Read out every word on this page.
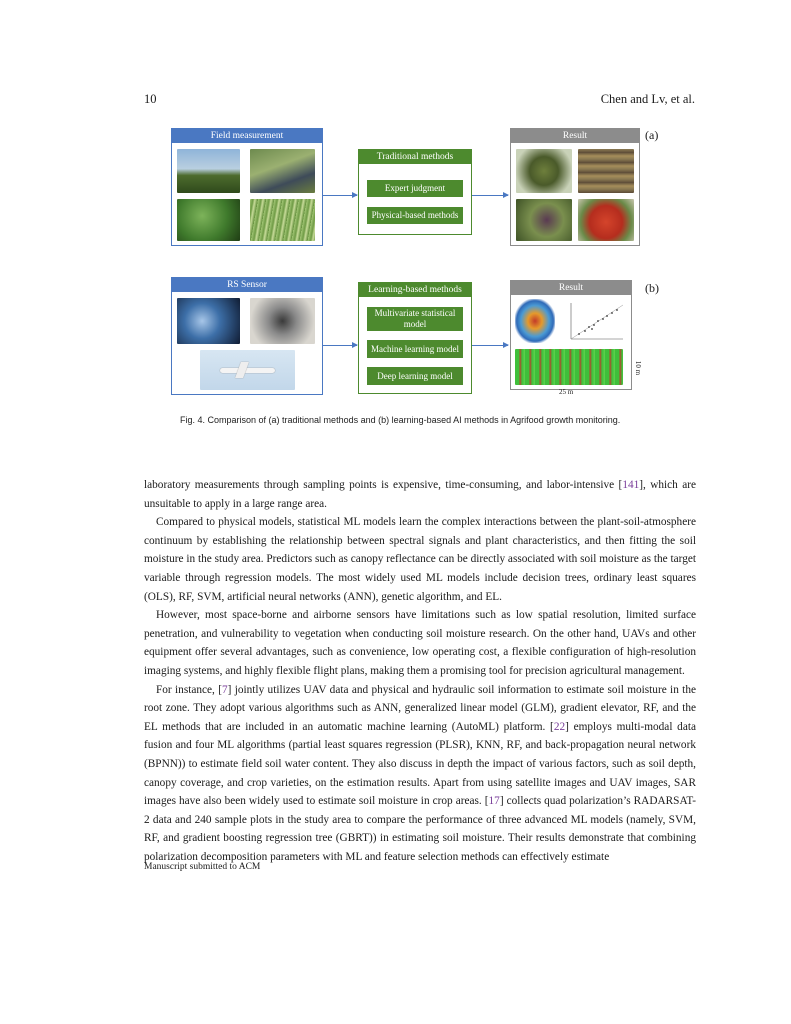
10	Chen and Lv, et al.
Field measurement
Traditional methods
Expert judgment
Physical-based methods
Result	(a)
RS Sensor	Learning-based methods
Multivariate statistical model
Machine learning model
Deep learning model
Result
25 m
10 m
(b)
Fig. 4. Comparison of (a) traditional methods and (b) learning-based AI methods in Agrifood growth monitoring.

laboratory measurements through sampling points is expensive, time-consuming, and labor-intensive [141], which are unsuitable to apply in a large range area.

Compared to physical models, statistical ML models learn the complex interactions between the plant-soil-atmosphere continuum by establishing the relationship between spectral signals and plant characteristics, and then fitting the soil moisture in the study area. Predictors such as canopy reflectance can be directly associated with soil moisture as the target variable through regression models. The most widely used ML models include decision trees, ordinary least squares (OLS), RF, SVM, artificial neural networks (ANN), genetic algorithm, and EL.

However, most space-borne and airborne sensors have limitations such as low spatial resolution, limited surface penetration, and vulnerability to vegetation when conducting soil moisture research. On the other hand, UAVs and other equipment offer several advantages, such as convenience, low operating cost, a flexible configuration of high-resolution imaging systems, and highly flexible flight plans, making them a promising tool for precision agricultural management.

For instance, [7] jointly utilizes UAV data and physical and hydraulic soil information to estimate soil moisture in the root zone. They adopt various algorithms such as ANN, generalized linear model (GLM), gradient elevator, RF, and the EL methods that are included in an automatic machine learning (AutoML) platform. [22] employs multi-modal data fusion and four ML algorithms (partial least squares regression (PLSR), KNN, RF, and back-propagation neural network (BPNN)) to estimate field soil water content. They also discuss in depth the impact of various factors, such as soil depth, canopy coverage, and crop varieties, on the estimation results. Apart from using satellite images and UAV images, SAR images have also been widely used to estimate soil moisture in crop areas. [17] collects quad polarization’s RADARSAT-2 data and 240 sample plots in the study area to compare the performance of three advanced ML models (namely, SVM, RF, and gradient boosting regression tree (GBRT)) in estimating soil moisture. Their results demonstrate that combining polarization decomposition parameters with ML and feature selection methods can effectively estimate

Manuscript submitted to ACM
